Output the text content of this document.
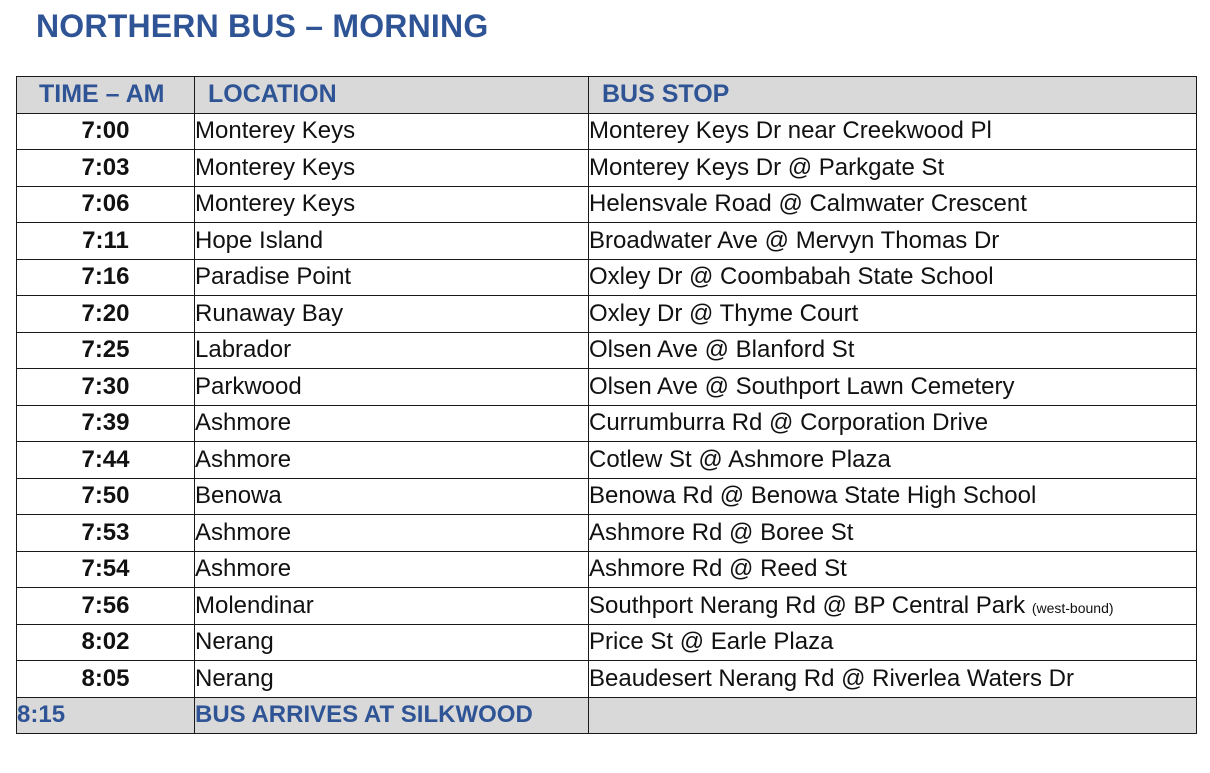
NORTHERN BUS – MORNING
TIME – AM	LOCATION	BUS STOP
7:00	Monterey Keys	Monterey Keys Dr near Creekwood Pl
7:03	Monterey Keys	Monterey Keys Dr @ Parkgate St
7:06	Monterey Keys	Helensvale Road @ Calmwater Crescent
7:11	Hope Island	Broadwater Ave @ Mervyn Thomas Dr
7:16	Paradise Point	Oxley Dr @ Coombabah State School
7:20	Runaway Bay	Oxley Dr @ Thyme Court
7:25	Labrador	Olsen Ave @ Blanford St
7:30	Parkwood	Olsen Ave @ Southport Lawn Cemetery
7:39	Ashmore	Currumburra Rd @ Corporation Drive
7:44	Ashmore	Cotlew St @ Ashmore Plaza
7:50	Benowa	Benowa Rd @ Benowa State High School
7:53	Ashmore	Ashmore Rd @ Boree St
7:54	Ashmore	Ashmore Rd @ Reed St
7:56	Molendinar	Southport Nerang Rd @ BP Central Park (west-bound)
8:02	Nerang	Price St @ Earle Plaza
8:05	Nerang	Beaudesert Nerang Rd @ Riverlea Waters Dr
8:15	BUS ARRIVES AT SILKWOOD	
